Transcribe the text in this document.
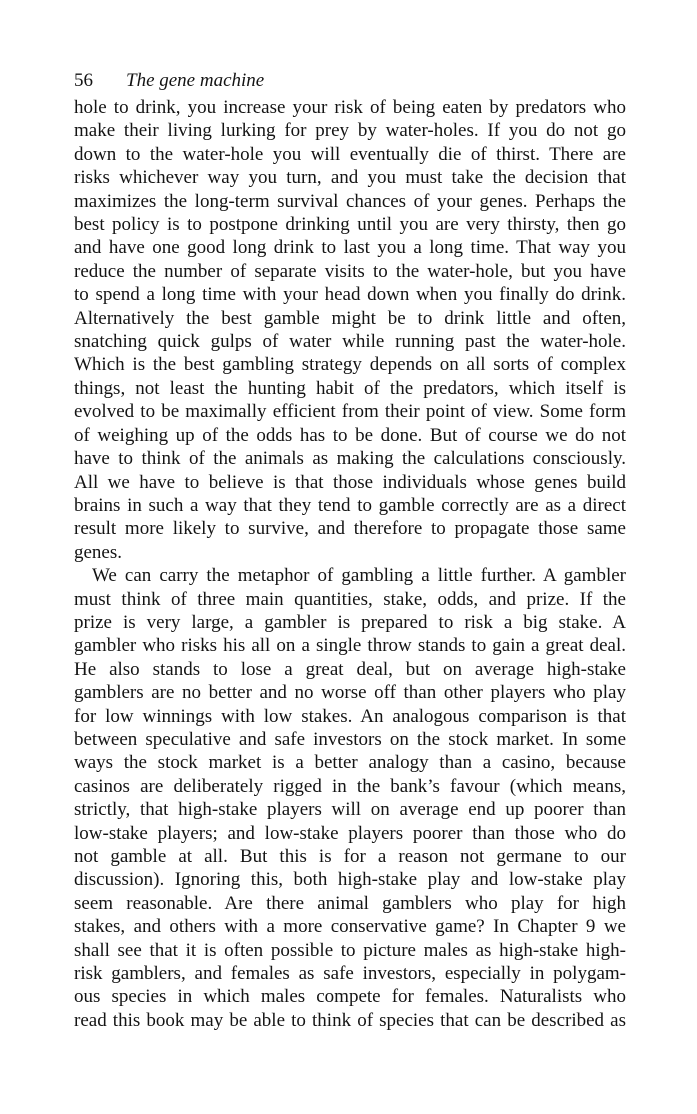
56 The gene machine

hole to drink, you increase your risk of being eaten by predators who
make their living lurking for prey by water-holes. If you do not go
down to the water-hole you will eventually die of thirst. There are
risks whichever way you turn, and you must take the decision that
maximizes the long-term survival chances of your genes. Perhaps the
best policy is to postpone drinking until you are very thirsty, then go
and have one good long drink to last you a long time. That way you
reduce the number of separate visits to the water-hole, but you have
to spend a long time with your head down when you finally do drink.
Alternatively the best gamble might be to drink little and often,
snatching quick gulps of water while running past the water-hole.
Which is the best gambling strategy depends on all sorts of complex
things, not least the hunting habit of the predators, which itself is
evolved to be maximally efficient from their point of view. Some form
of weighing up of the odds has to be done. But of course we do not
have to think of the animals as making the calculations consciously.
All we have to believe is that those individuals whose genes build
brains in such a way that they tend to gamble correctly are as a direct
result more likely to survive, and therefore to propagate those same
genes.

We can carry the metaphor of gambling a little further. A gambler
must think of three main quantities, stake, odds, and prize. If the
prize is very large, a gambler is prepared to risk a big stake. A
gambler who risks his all on a single throw stands to gain a great deal.
He also stands to lose a great deal, but on average high-stake
gamblers are no better and no worse off than other players who play
for low winnings with low stakes. An analogous comparison is that
between speculative and safe investors on the stock market. In some
ways the stock market is a better analogy than a casino, because
casinos are deliberately rigged in the bank’s favour (which means,
strictly, that high-stake players will on average end up poorer than
low-stake players; and low-stake players poorer than those who do
not gamble at all. But this is for a reason not germane to our
discussion). Ignoring this, both high-stake play and low-stake play
seem reasonable. Are there animal gamblers who play for high
stakes, and others with a more conservative game? In Chapter 9 we
shall see that it is often possible to picture males as high-stake high-
risk gamblers, and females as safe investors, especially in polygam-
ous species in which males compete for females. Naturalists who
read this book may be able to think of species that can be described as
